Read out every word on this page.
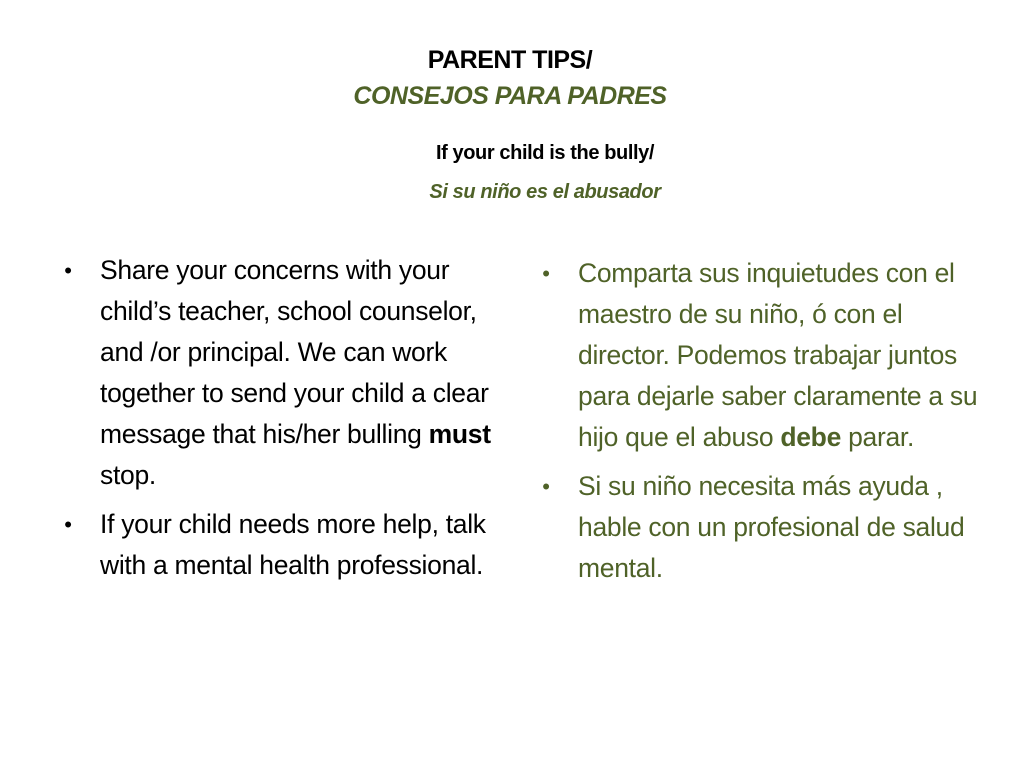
PARENT TIPS/
CONSEJOS PARA PADRES
If your child is the bully/
Si su niño es el abusador
• Share your concerns with your child’s teacher, school counselor, and /or principal. We can work together to send your child a clear message that his/her bulling must stop.
• If your child needs more help, talk with a mental health professional.
• Comparta sus inquietudes con el maestro de su niño, ó con el director. Podemos trabajar juntos para dejarle saber claramente a su hijo que el abuso debe parar.
• Si su niño necesita más ayuda , hable con un profesional de salud mental.
